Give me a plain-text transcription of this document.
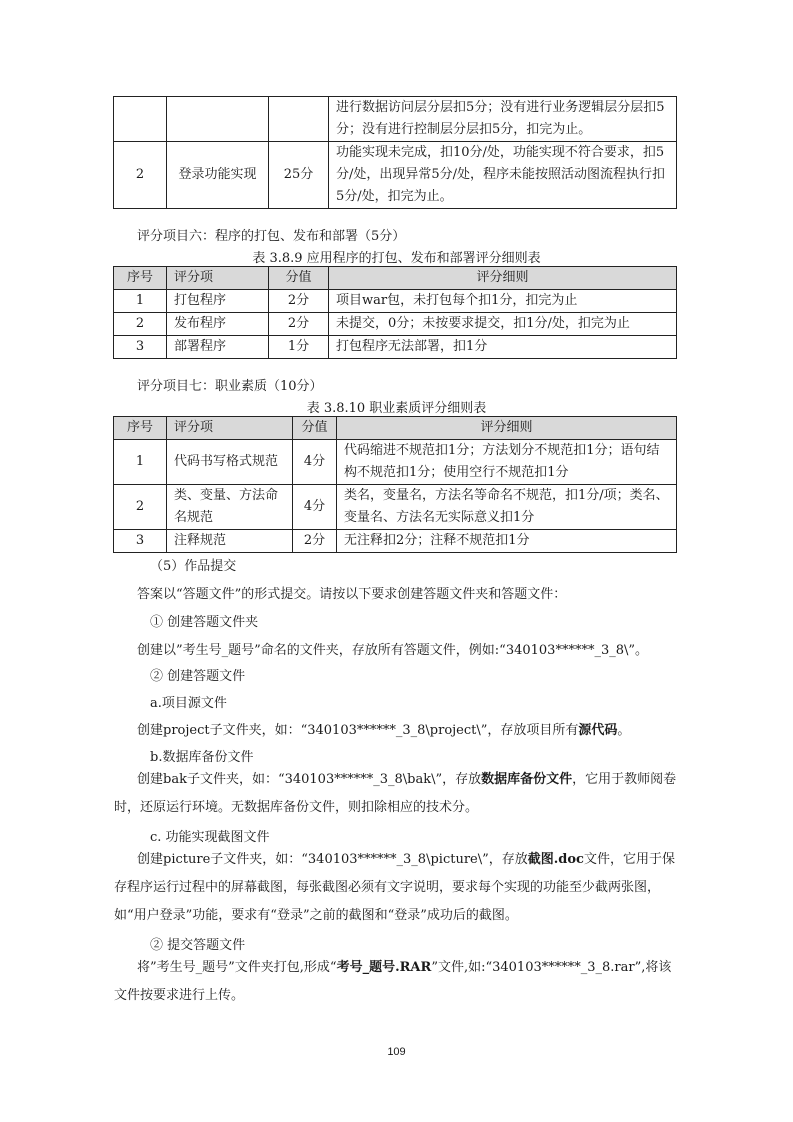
			进行数据访问层分层扣5分；没有进行业务逻辑层分层扣5分；没有进行控制层分层扣5分，扣完为止。
2	登录功能实现	25分	功能实现未完成，扣10分/处，功能实现不符合要求，扣5分/处，出现异常5分/处，程序未能按照活动图流程执行扣5分/处，扣完为止。
评分项目六：程序的打包、发布和部署（5分）
表 3.8.9 应用程序的打包、发布和部署评分细则表
序号	评分项	分值	评分细则
1	打包程序	2分	项目war包，未打包每个扣1分，扣完为止
2	发布程序	2分	未提交，0分；未按要求提交，扣1分/处，扣完为止
3	部署程序	1分	打包程序无法部署，扣1分
评分项目七：职业素质（10分）
表 3.8.10 职业素质评分细则表
序号	评分项	分值	评分细则
1	代码书写格式规范	4分	代码缩进不规范扣1分；方法划分不规范扣1分；语句结构不规范扣1分；使用空行不规范扣1分
2	类、变量、方法命名规范	4分	类名，变量名，方法名等命名不规范，扣1分/项；类名、变量名、方法名无实际意义扣1分
3	注释规范	2分	无注释扣2分；注释不规范扣1分
（5）作品提交
答案以“答题文件”的形式提交。请按以下要求创建答题文件夹和答题文件：
① 创建答题文件夹
创建以”考生号_题号”命名的文件夹，存放所有答题文件，例如:“340103******_3_8\”。
② 创建答题文件
a.项目源文件
创建project子文件夹，如：“340103******_3_8\project\”，存放项目所有源代码。
b.数据库备份文件
创建bak子文件夹，如：“340103******_3_8\bak\”，存放数据库备份文件，它用于教师阅卷时，还原运行环境。无数据库备份文件，则扣除相应的技术分。
c. 功能实现截图文件
创建picture子文件夹，如：“340103******_3_8\picture\”，存放截图.doc文件，它用于保存程序运行过程中的屏幕截图，每张截图必须有文字说明，要求每个实现的功能至少截两张图，如“用户登录”功能，要求有“登录”之前的截图和“登录”成功后的截图。
② 提交答题文件
将”考生号_题号”文件夹打包,形成“考号_题号.RAR”文件,如:“340103******_3_8.rar”,将该文件按要求进行上传。
109
